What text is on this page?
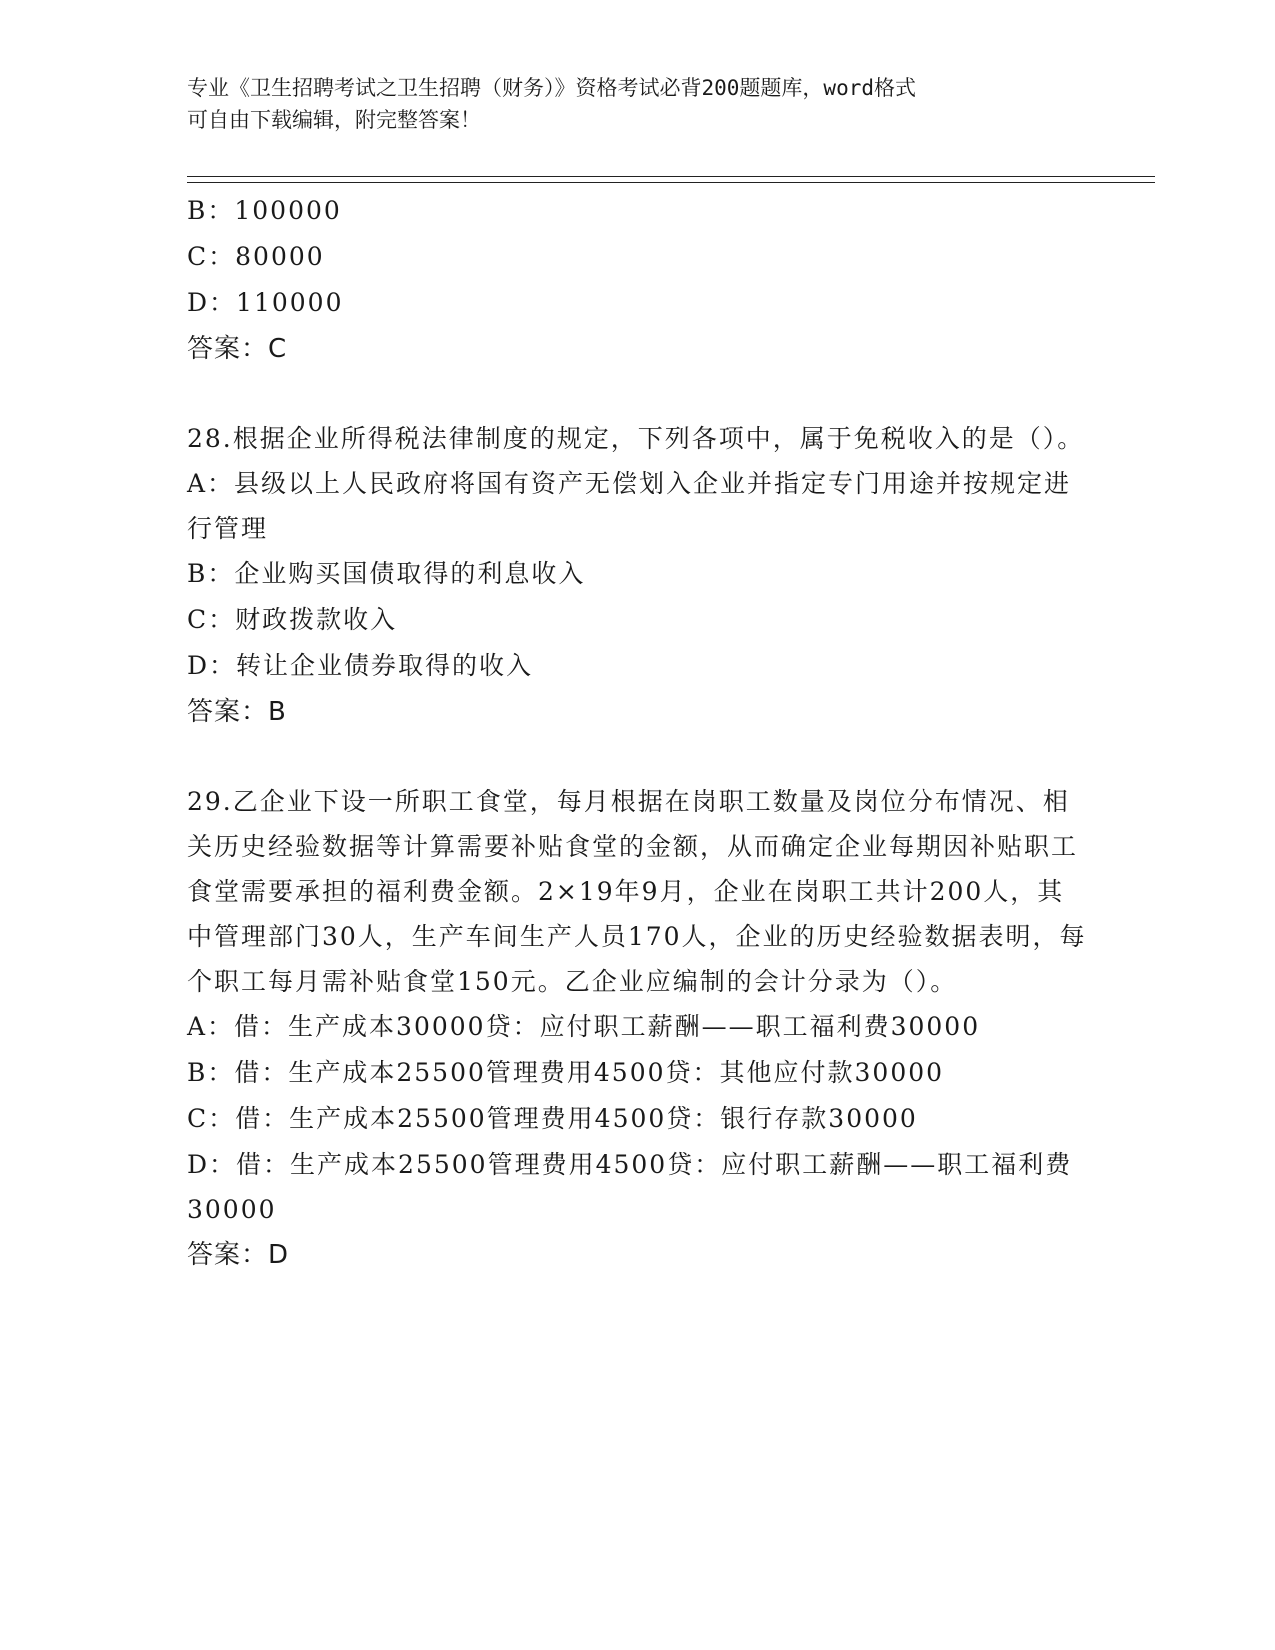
专业《卫生招聘考试之卫生招聘（财务）》资格考试必背200题题库，word格式
可自由下载编辑，附完整答案！
B：100000
C：80000
D：110000
答案：C
28.根据企业所得税法律制度的规定，下列各项中，属于免税收入的是（）。
A：县级以上人民政府将国有资产无偿划入企业并指定专门用途并按规定进行管理
B：企业购买国债取得的利息收入
C：财政拨款收入
D：转让企业债券取得的收入
答案：B
29.乙企业下设一所职工食堂，每月根据在岗职工数量及岗位分布情况、相关历史经验数据等计算需要补贴食堂的金额，从而确定企业每期因补贴职工食堂需要承担的福利费金额。2×19年9月，企业在岗职工共计200人，其中管理部门30人，生产车间生产人员170人，企业的历史经验数据表明，每个职工每月需补贴食堂150元。乙企业应编制的会计分录为（）。
A：借：生产成本30000贷：应付职工薪酬——职工福利费30000
B：借：生产成本25500管理费用4500贷：其他应付款30000
C：借：生产成本25500管理费用4500贷：银行存款30000
D：借：生产成本25500管理费用4500贷：应付职工薪酬——职工福利费30000
答案：D
